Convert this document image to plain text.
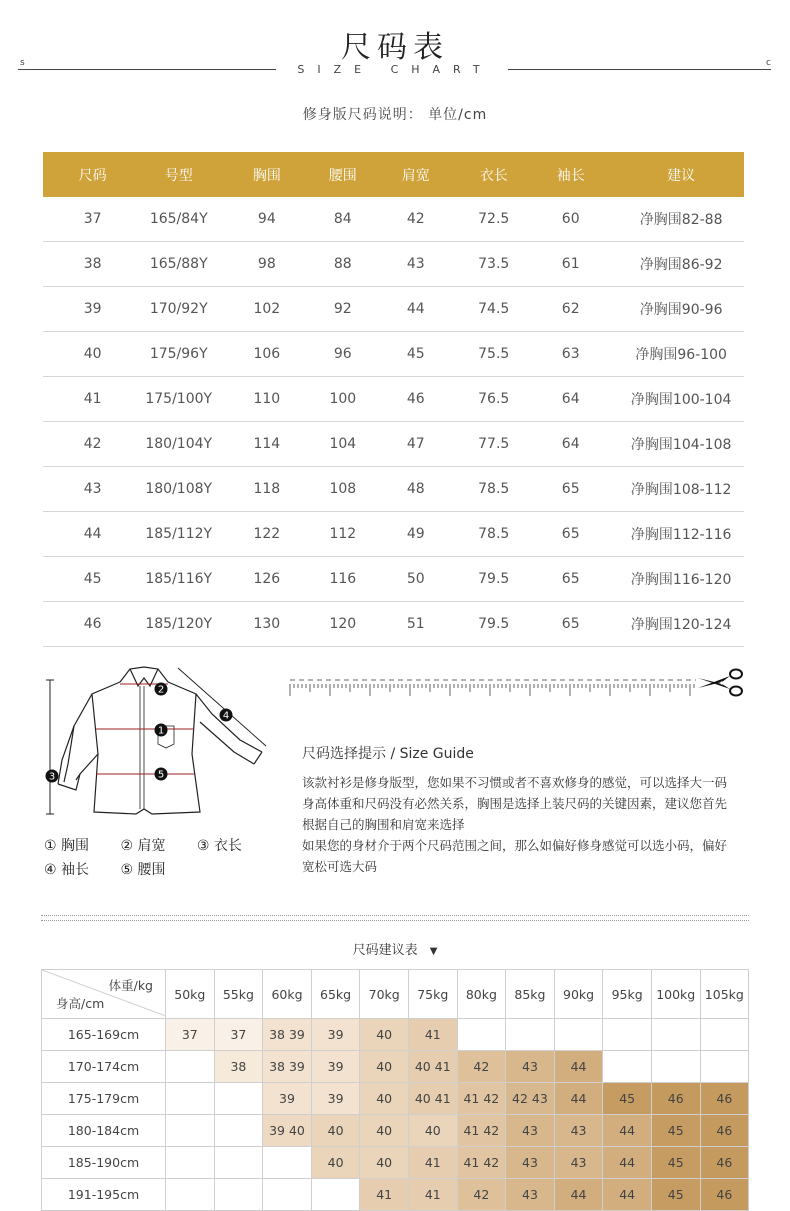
尺码表
s	c
SIZE CHART
修身版尺码说明： 单位/cm
尺码	号型	胸围	腰围	肩宽	衣长	袖长	建议
37	165/84Y	94	84	42	72.5	60	净胸围82-88
38	165/88Y	98	88	43	73.5	61	净胸围86-92
39	170/92Y	102	92	44	74.5	62	净胸围90-96
40	175/96Y	106	96	45	75.5	63	净胸围96-100
41	175/100Y	110	100	46	76.5	64	净胸围100-104
42	180/104Y	114	104	47	77.5	64	净胸围104-108
43	180/108Y	118	108	48	78.5	65	净胸围108-112
44	185/112Y	122	112	49	78.5	65	净胸围112-116
45	185/116Y	126	116	50	79.5	65	净胸围116-120
46	185/120Y	130	120	51	79.5	65	净胸围120-124
1
2
3
4
5
① 胸围 ② 肩宽 ③ 衣长
④ 袖长 ⑤ 腰围
尺码选择提示 / Size Guide

该款衬衫是修身版型，您如果不习惯或者不喜欢修身的感觉，可以选择大一码

身高体重和尺码没有必然关系，胸围是选择上装尺码的关键因素，建议您首先

根据自己的胸围和肩宽来选择

如果您的身材介于两个尺码范围之间，那么如偏好修身感觉可以选小码，偏好

宽松可选大码

尺码建议表 ▼
体重/kg
身高/cm	50kg	55kg	60kg	65kg	70kg	75kg	80kg	85kg	90kg	95kg	100kg	105kg
165-169cm	37	37	38 39	39	40	41						
170-174cm		38	38 39	39	40	40 41	42	43	44			
175-179cm			39	39	40	40 41	41 42	42 43	44	45	46	46
180-184cm			39 40	40	40	40	41 42	43	43	44	45	46
185-190cm				40	40	41	41 42	43	43	44	45	46
191-195cm					41	41	42	43	44	44	45	46
